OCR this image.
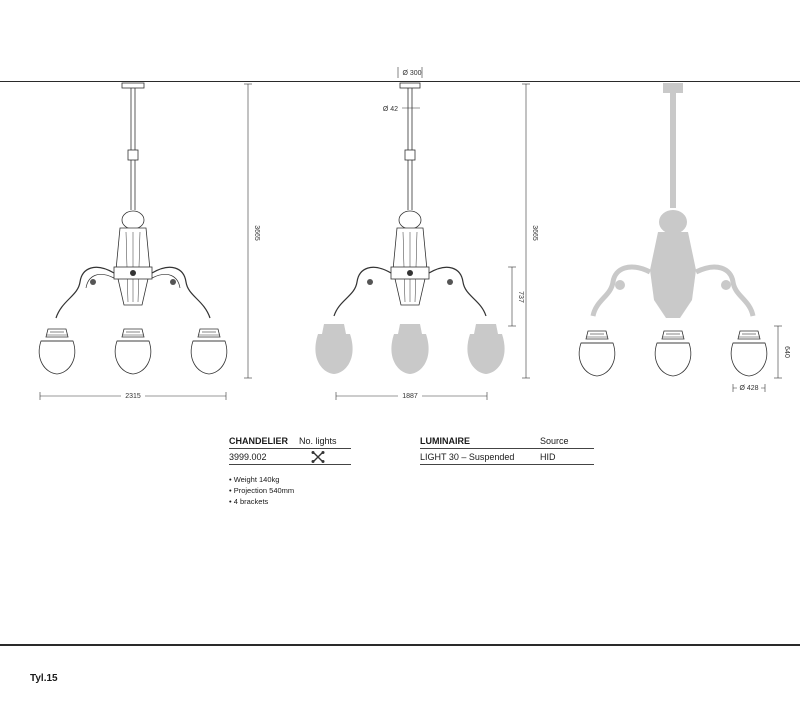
3665
2315
Ø 300
Ø 42
3665
737
1887
640
Ø 428
CHANDELIER	No. lights
3999.002
LUMINAIRE	Source
LIGHT 30 – Suspended	HID
• Weight 140kg
• Projection 540mm
• 4 brackets
Tyl.15
